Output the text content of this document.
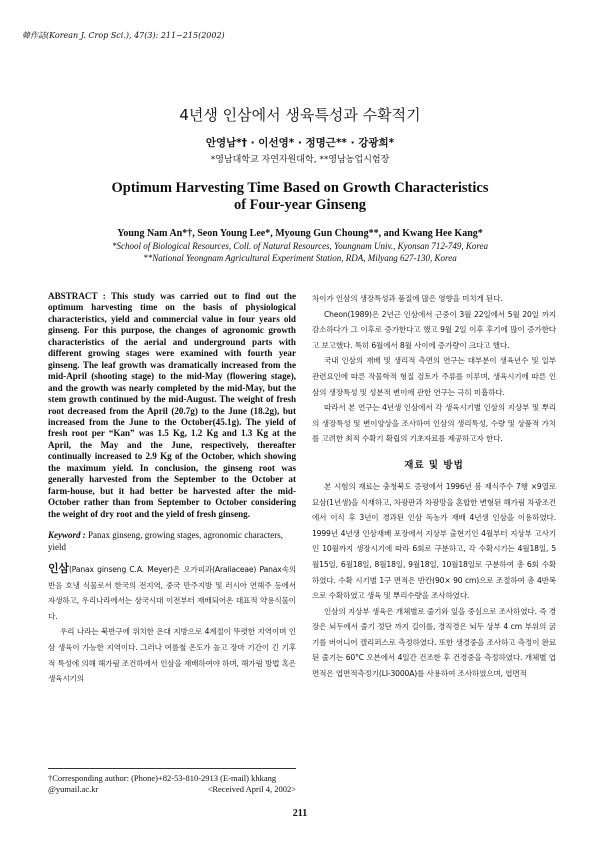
韓作誌(Korean J. Crop Sci.), 47(3): 211~215(2002)
4년생 인삼에서 생육특성과 수확적기
안영남*† · 이선영* · 정명근** · 강광희*
*영남대학교 자연자원대학, **영남농업시험장
Optimum Harvesting Time Based on Growth Characteristics
of Four-year Ginseng
Young Nam An*†, Seon Young Lee*, Myoung Gun Choung**, and Kwang Hee Kang*
*School of Biological Resources, Coll. of Natural Resources, Youngnam Univ., Kyonsan 712-749, Korea
**National Yeongnam Agricultural Experiment Station, RDA, Milyang 627-130, Korea

ABSTRACT : This study was carried out to find out the optimum harvesting time on the basis of physiological characteristics, yield and commercial value in four years old ginseng. For this purpose, the changes of agronomic growth characteristics of the aerial and underground parts with different growing stages were examined with fourth year ginseng. The leaf growth was dramatically increased from the mid-April (shooting stage) to the mid-May (flowering stage), and the growth was nearly completed by the mid-May, but the stem growth continued by the mid-August. The weight of fresh root decreased from the April (20.7g) to the June (18.2g), but increased from the June to the October(45.1g). The yield of fresh root per “Kan” was 1.5 Kg, 1.2 Kg and 1.3 Kg at the April, the May and the June, respectively, thereafter continually increased to 2.9 Kg of the October, which showing the maximum yield. In conclusion, the ginseng root was generally harvested from the September to the October at farm-house, but it had better be harvested after the mid-October rather than from September to October considering the weight of dry root and the yield of fresh ginseng.

Keyword : Panax ginseng, growing stages, agronomic characters, yield

인삼(Panax ginseng C.A. Meyer)은 오가피과(Araliaceae) Panax속의 반음 호냉 식물로서 한국의 전지역, 중국 만주지방 및 러시아 연해주 등에서 자생하고, 우리나라에서는 삼국시대 이전부터 재배되어온 대표적 약용식물이다.

우리 나라는 북반구에 위치한 온대 지방으로 4계절이 뚜렷한 지역이며 인삼 생육이 가능한 지역이다. 그러나 여름철 온도가 높고 장마 기간이 긴 기후적 특성에 의해 해가림 조건하에서 인삼을 재배하여야 하며, 해가림 방법 혹은 생육시기의

차이가 인삼의 생장특성과 품질에 많은 영향을 미치게 된다.

Cheon(1989)은 2년근 인삼에서 근중이 3월 22일에서 5월 20일 까지 감소하다가 그 이후로 증가한다고 했고 9월 2일 이후 후기에 많이 증가한다고 보고했다. 특히 6월에서 8월 사이에 증가량이 크다고 했다.

국내 인삼의 재배 및 생리적 측면의 연구는 대부분이 생육년수 및 일부 관련요인에 따른 작물학적 형질 검토가 주류를 이루며, 생육시기에 따른 인삼의 생장특성 및 성분적 변이에 관한 연구는 극히 미흡하다.

따라서 본 연구는 4년생 인삼에서 각 생육시기별 인삼의 지상부 및 뿌리의 생장특성 및 변이양상을 조사하여 인삼의 생리특성, 수량 및 상품적 가치를 고려한 최적 수확기 확립의 기초자료를 제공하고자 한다.

재료 및 방법

본 시험의 재료는 충청북도 증평에서 1996년 봄 재식주수 7행 ×9열로 묘삼(1년생)을 식재하고, 차광판과 차광망을 혼합한 변형된 해가림 차광조건에서 이식 후 3년이 경과된 인삼 독농가 재배 4년생 인삼을 이용하였다. 1999년 4년생 인삼재배 포장에서 지상부 출현기인 4월부터 지상부 고사기인 10월까지 생장시기에 따라 6회로 구분하고, 각 수확시기는 4월18일, 5월15일, 6월18일, 8월18일, 9월18일, 10월18일로 구분하여 총 6회 수확하였다. 수확 시기별 1구 면적은 반칸(90× 90 cm)으로 조절하여 총 4반복으로 수확하였고 생육 및 뿌리수량을 조사하였다.

인삼의 지상부 생육은 개체별로 줄기와 잎을 중심으로 조사하였다. 즉 경장은 뇌두에서 줄기 정단 까지 길이를, 경직경은 뇌두 상부 4 cm 부위의 굵기를 버어니어 캘리퍼스로 측정하였다. 또한 생경중을 조사하고 측정이 완료된 줄기는 60°C 오븐에서 4일간 건조한 후 건경중을 측정하였다. 개체별 엽면적은 엽면적측정기(LI-3000A)를 사용하여 조사하였으며, 엽면적

†Corresponding author: (Phone)+82-53-810-2913 (E-mail) khkang
@yumail.ac.kr	<Received April 4, 2002>
211
